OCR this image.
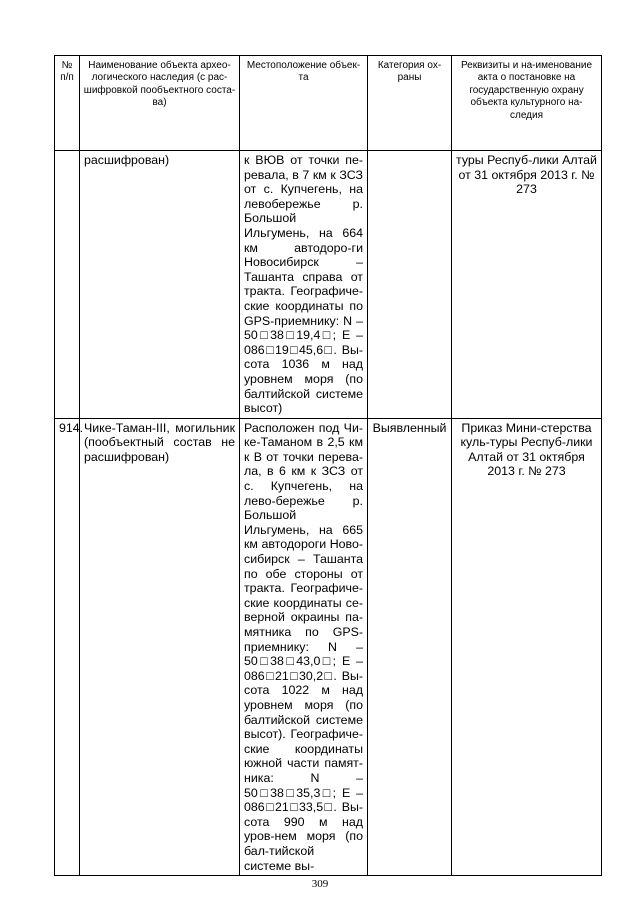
№ п/п	Наименование объекта архео-логического наследия (с рас-шифровкой пообъектного соста-ва)	Местоположение объек-та	Категория ох-раны	Реквизиты и на-именование акта о постановке на государственную охрану объекта культурного на-следия
	расшифрован)	к ВЮВ от точки пе-ревала, в 7 км к ЗСЗ от с. Купчегень, на левобережье р. Большой Ильгумень, на 664 км автодоро-ги Новосибирск – Ташанта справа от тракта. Географиче-ские координаты по GPS-приемнику: N – 50□38□19,4□; E – 086□19□45,6□. Вы-сота 1036 м над уровнем моря (по балтийской системе высот)		туры Респуб-лики Алтай от 31 октября 2013 г. № 273
914.	Чике-Таман-III, могильник (пообъектный состав не расшифрован)	Расположен под Чи-ке-Таманом в 2,5 км к В от точки перева-ла, в 6 км к ЗСЗ от с. Купчегень, на лево-бережье р. Большой Ильгумень, на 665 км автодороги Ново-сибирск – Ташанта по обе стороны от тракта. Географиче-ские координаты се-верной окраины па-мятника по GPS-приемнику: N – 50□38□43,0□; E – 086□21□30,2□. Вы-сота 1022 м над уровнем моря (по балтийской системе высот). Географиче-ские координаты южной части памят-ника: N – 50□38□35,3□; E – 086□21□33,5□. Вы-сота 990 м над уров-нем моря (по бал-тийской системе вы-	Выявленный	Приказ Мини-стерства куль-туры Респуб-лики Алтай от 31 октября 2013 г. № 273
309
